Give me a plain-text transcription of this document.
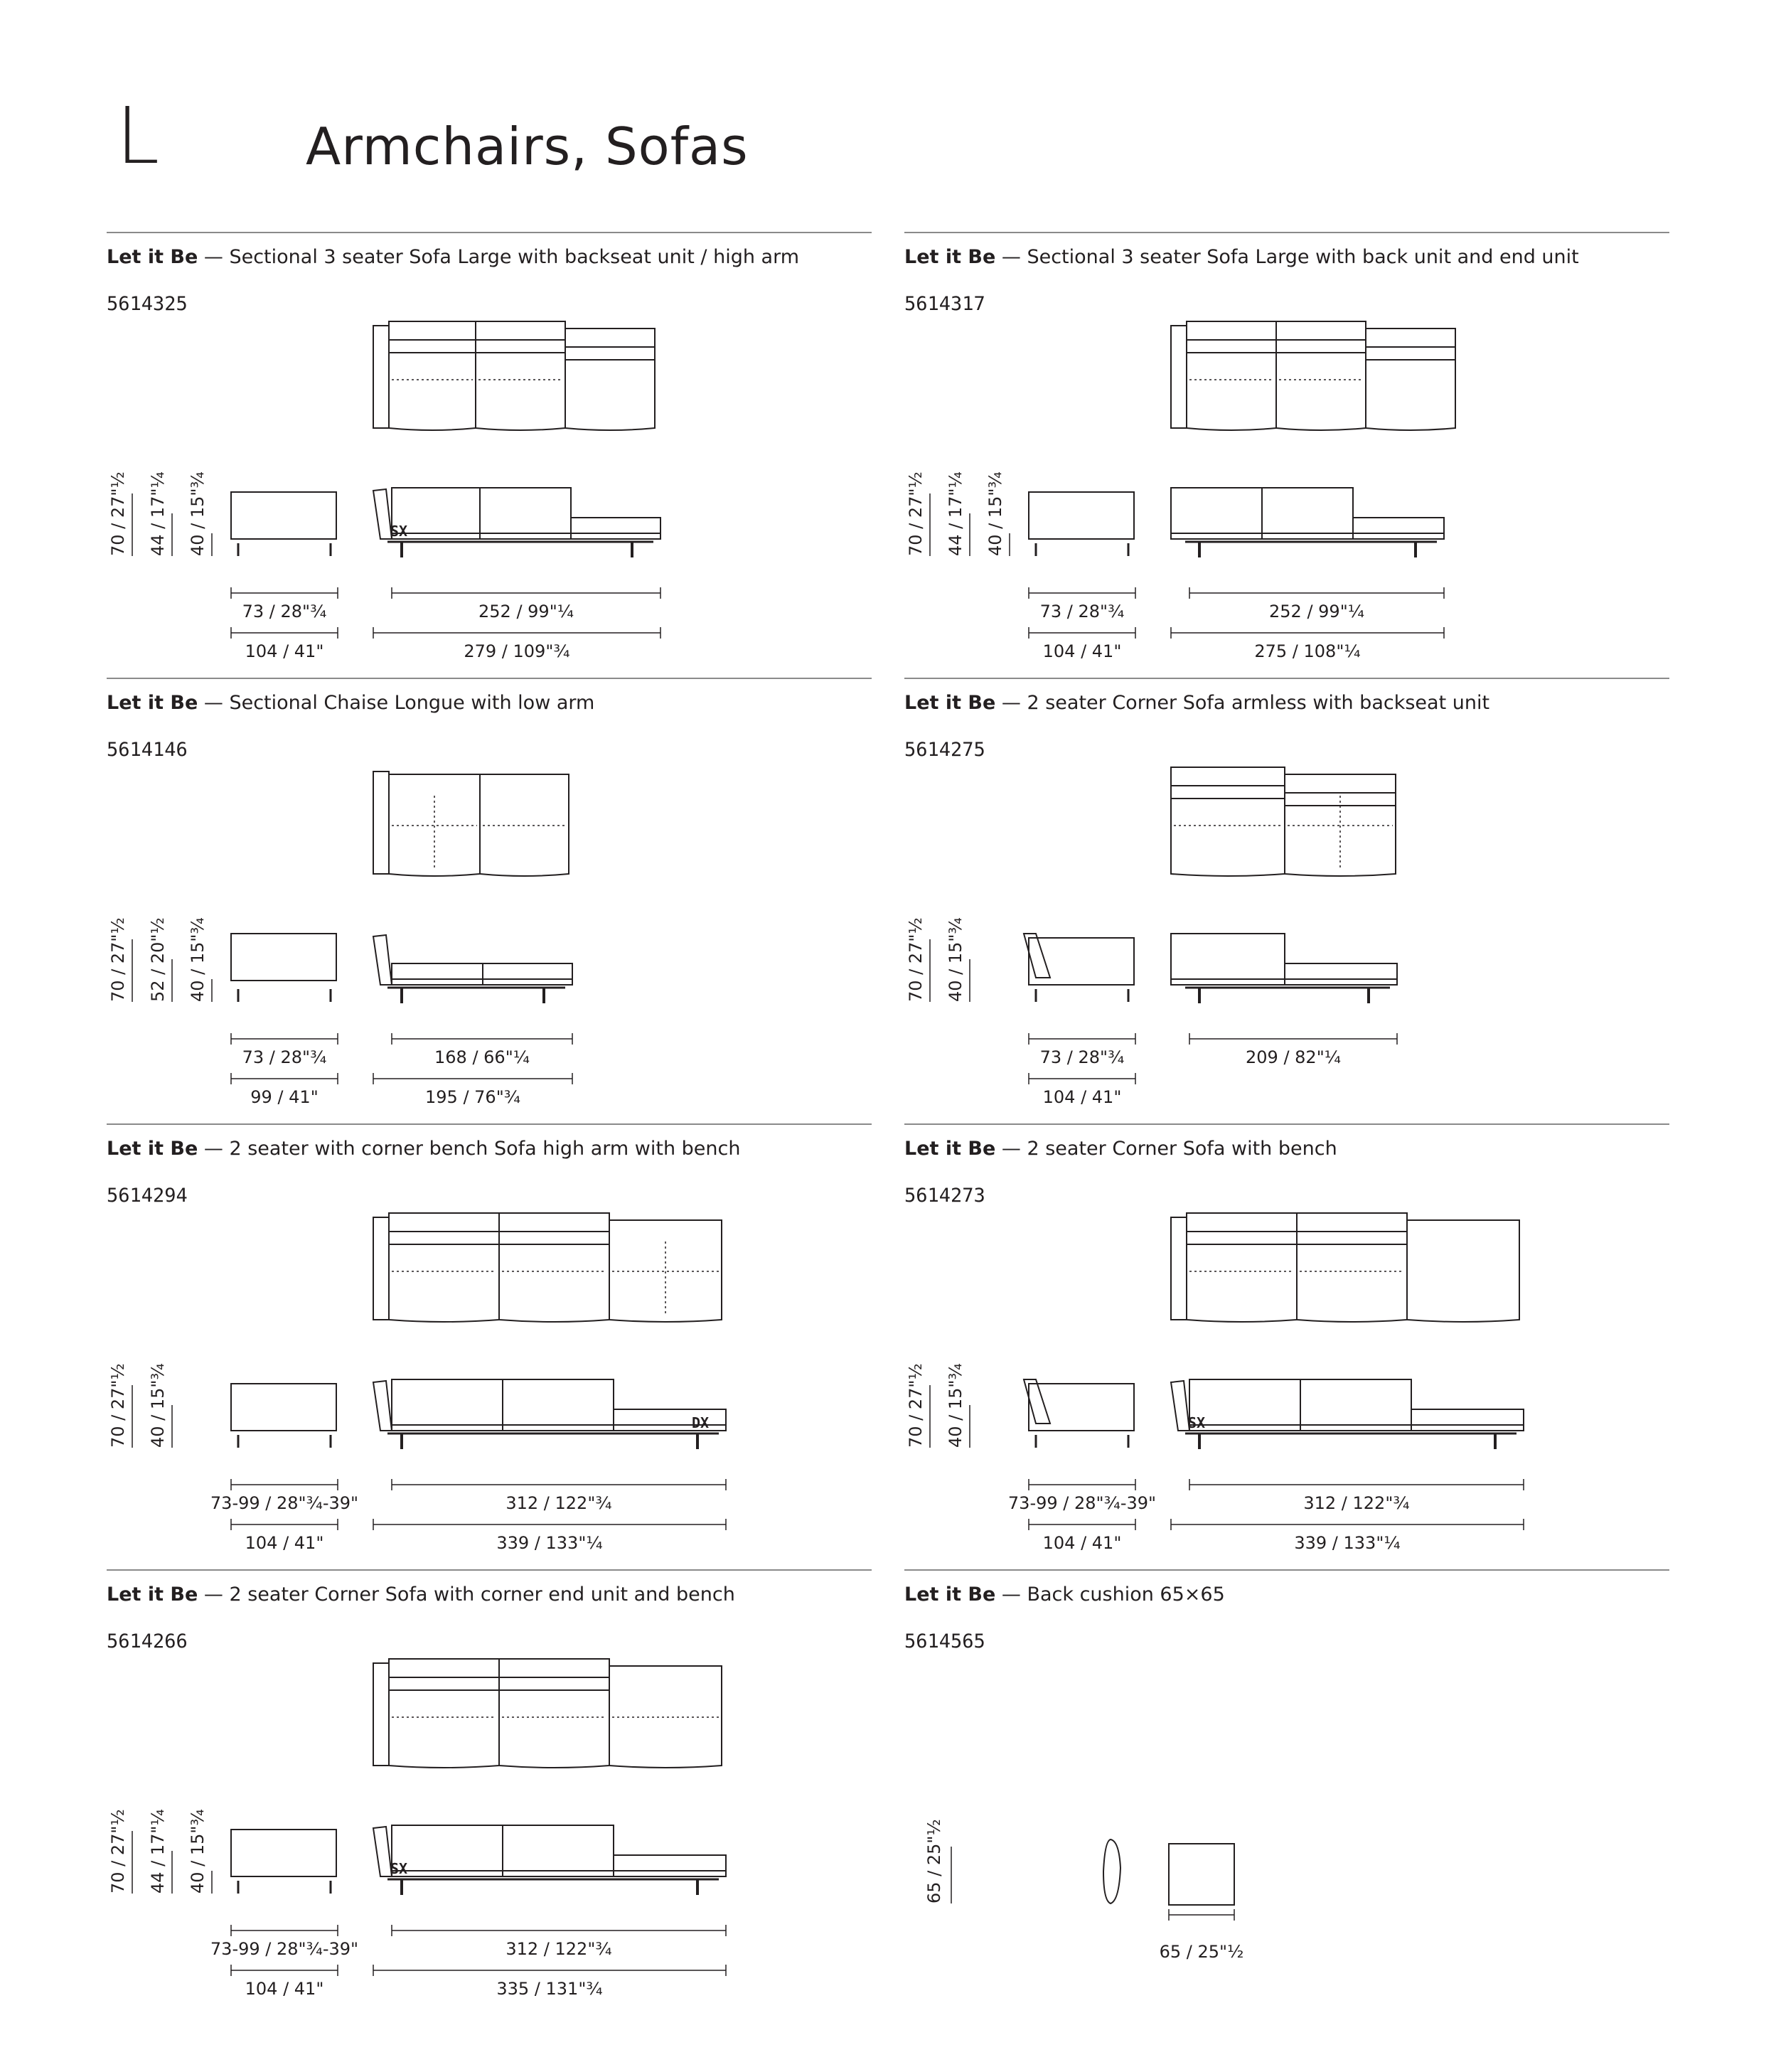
L	Armchairs, Sofas
Let it Be — Sectional 3 seater Sofa Large with backseat unit / high arm
5614325
70 / 27"½ 44 / 17"¼ 40 / 15"¾
73 / 28"¾
104 / 41"
SX
252 / 99"¼
279 / 109"¾
Let it Be — Sectional 3 seater Sofa Large with back unit and end unit
5614317
70 / 27"½ 44 / 17"¼ 40 / 15"¾
73 / 28"¾
104 / 41"
252 / 99"¼
275 / 108"¼
Let it Be — Sectional Chaise Longue with low arm
5614146
70 / 27"½ 52 / 20"½ 40 / 15"¾
73 / 28"¾
99 / 41"
168 / 66"¼
195 / 76"¾
Let it Be — 2 seater Corner Sofa armless with backseat unit
5614275
70 / 27"½ 40 / 15"¾
73 / 28"¾
104 / 41"
209 / 82"¼
Let it Be — 2 seater with corner bench Sofa high arm with bench
5614294
70 / 27"½ 40 / 15"¾
73-99 / 28"¾-39"
104 / 41"
DX
312 / 122"¾
339 / 133"¼
Let it Be — 2 seater Corner Sofa with bench
5614273
70 / 27"½ 40 / 15"¾
73-99 / 28"¾-39"
104 / 41"
SX
312 / 122"¾
339 / 133"¼
Let it Be — 2 seater Corner Sofa with corner end unit and bench
5614266
70 / 27"½ 44 / 17"¼ 40 / 15"¾
73-99 / 28"¾-39"
104 / 41"
SX
312 / 122"¾
335 / 131"¾
Let it Be — Back cushion 65×65
5614565
65 / 25"½
65 / 25"½
